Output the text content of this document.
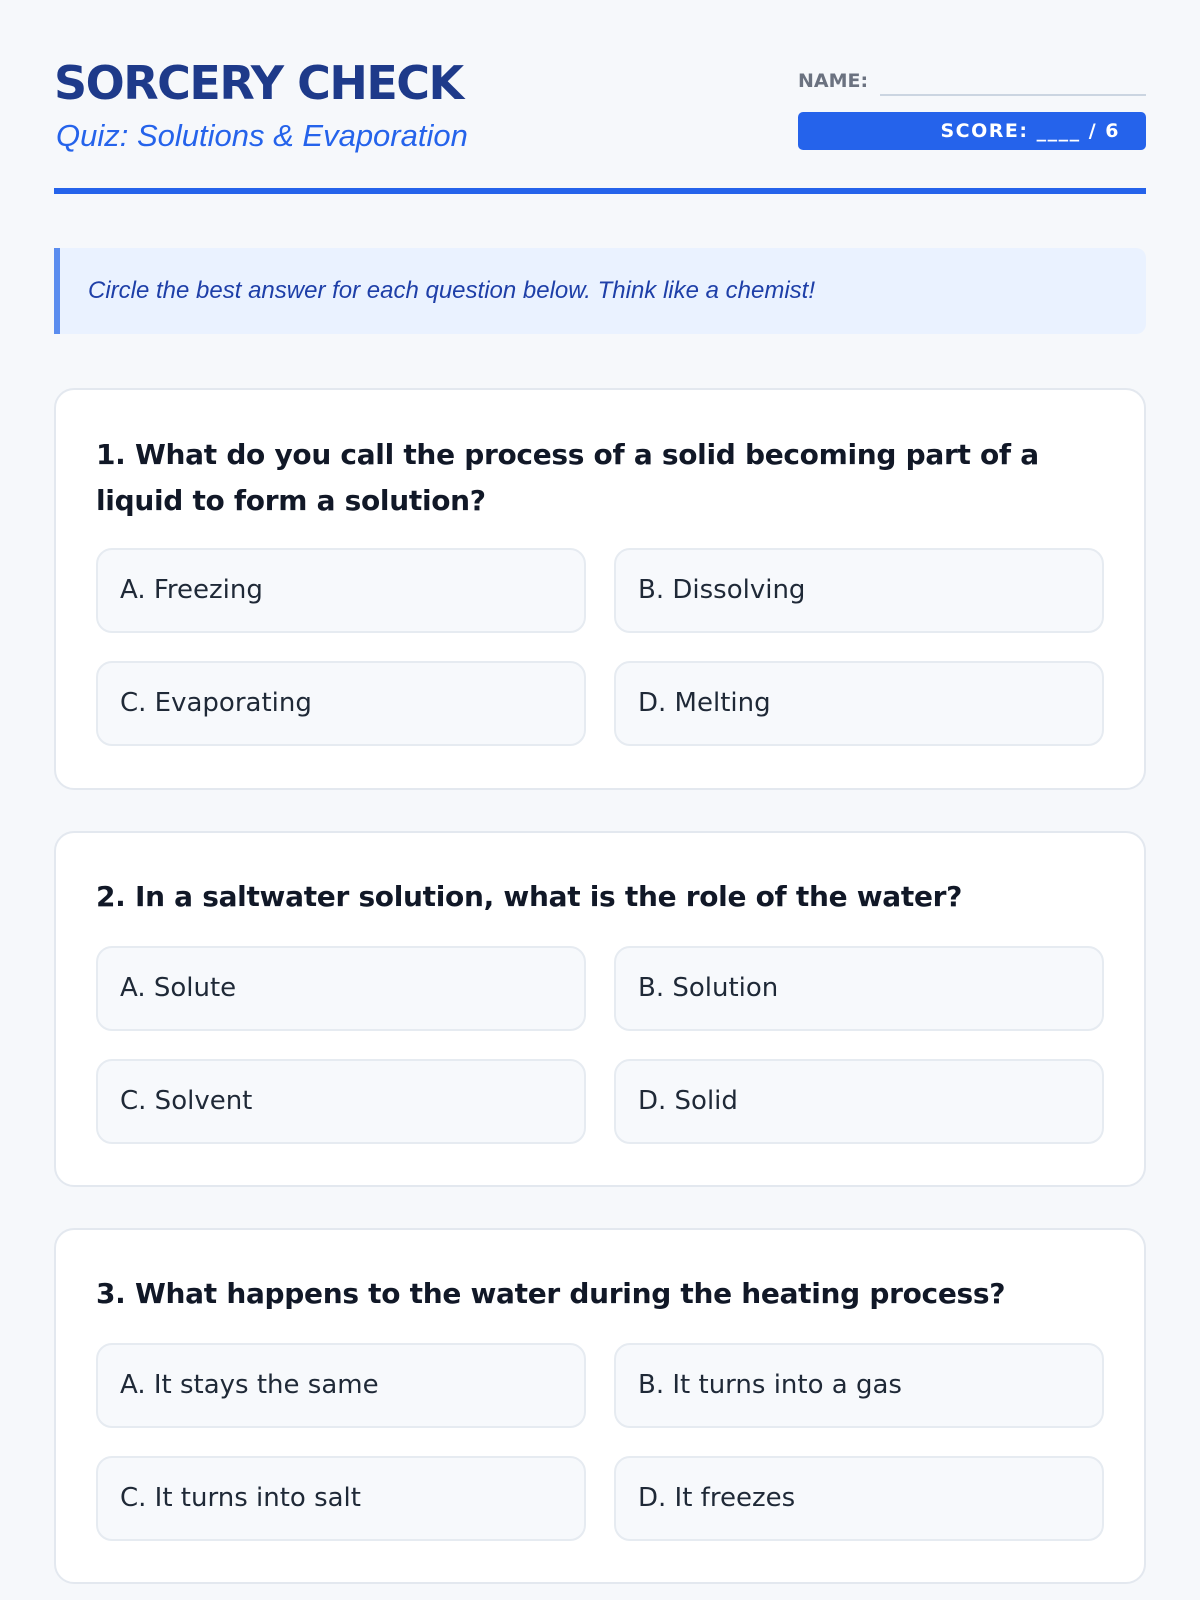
SORCERY CHECK
Quiz: Solutions & Evaporation
NAME:
SCORE: ____ / 6
Circle the best answer for each question below. Think like a chemist!
1. What do you call the process of a solid becoming part of a liquid to form a solution?
A. Freezing	B. Dissolving
C. Evaporating	D. Melting
2. In a saltwater solution, what is the role of the water?
A. Solute	B. Solution
C. Solvent	D. Solid
3. What happens to the water during the heating process?
A. It stays the same	B. It turns into a gas
C. It turns into salt	D. It freezes
